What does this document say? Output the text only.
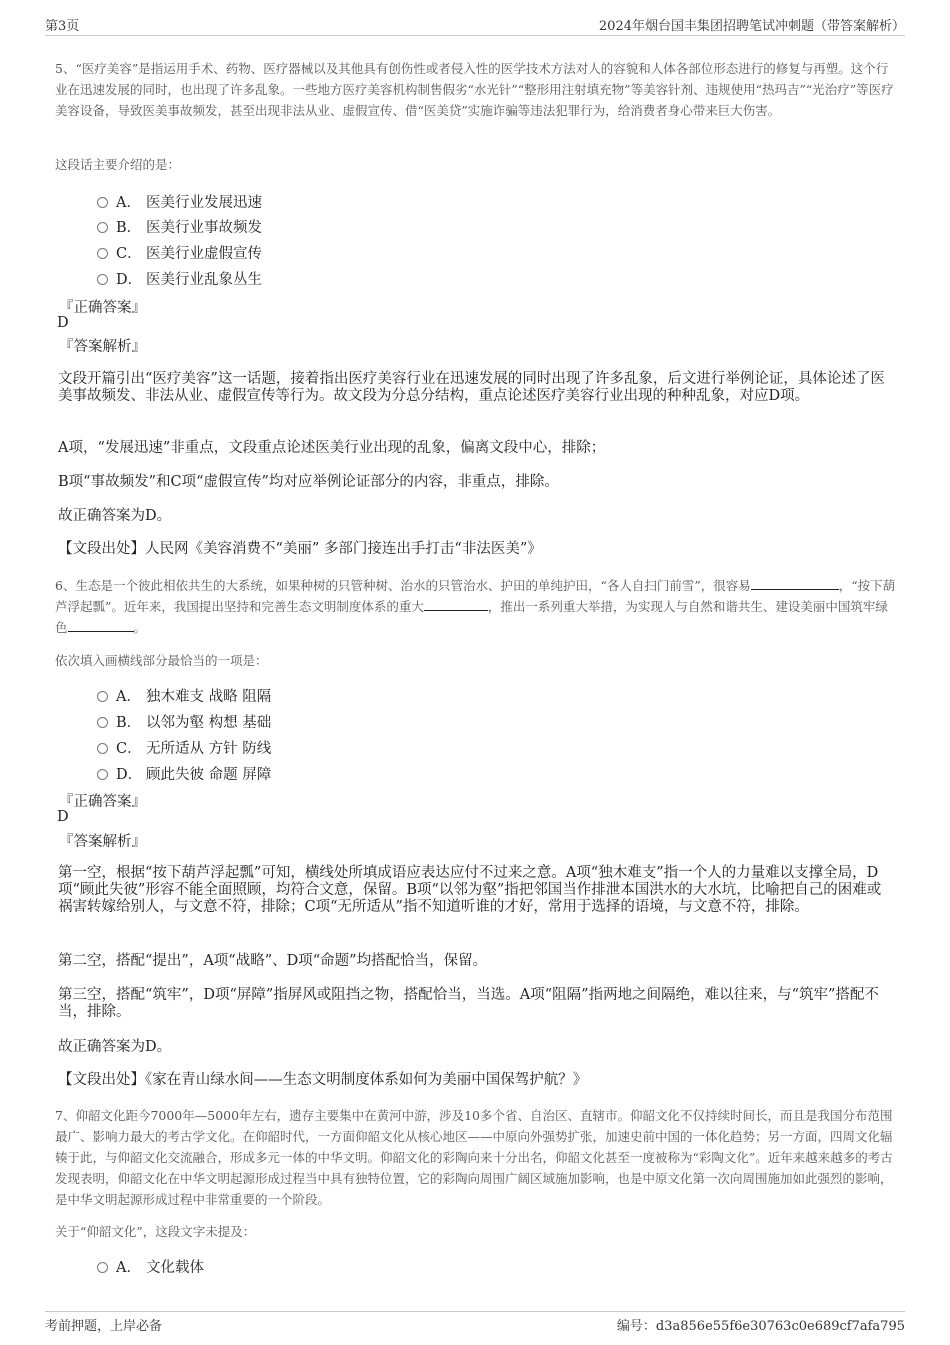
第3页	2024年烟台国丰集团招聘笔试冲刺题（带答案解析）

5、“医疗美容”是指运用手术、药物、医疗器械以及其他具有创伤性或者侵入性的医学技术方法对人的容貌和人体各部位形态进行的修复与再塑。这个行业在迅速发展的同时，也出现了许多乱象。一些地方医疗美容机构制售假劣“水光针”“整形用注射填充物”等美容针剂、违规使用“热玛吉”“光治疗”等医疗美容设备，导致医美事故频发，甚至出现非法从业、虚假宣传、借“医美贷”实施诈骗等违法犯罪行为，给消费者身心带来巨大伤害。

这段话主要介绍的是：

A． 医美行业发展迅速
B． 医美行业事故频发
C． 医美行业虚假宣传
D． 医美行业乱象丛生
『正确答案』
D
『答案解析』

文段开篇引出“医疗美容”这一话题，接着指出医疗美容行业在迅速发展的同时出现了许多乱象，后文进行举例论证，具体论述了医美事故频发、非法从业、虚假宣传等行为。故文段为分总分结构，重点论述医疗美容行业出现的种种乱象，对应D项。

A项，“发展迅速”非重点，文段重点论述医美行业出现的乱象，偏离文段中心，排除；

B项“事故频发”和C项“虚假宣传”均对应举例论证部分的内容，非重点，排除。

故正确答案为D。

【文段出处】人民网《美容消费不“美丽” 多部门接连出手打击“非法医美”》

6、生态是一个彼此相依共生的大系统，如果种树的只管种树、治水的只管治水、护田的单纯护田，“各人自扫门前雪”，很容易	，“按下葫芦浮起瓢”。近年来，我国提出坚持和完善生态文明制度体系的重大	，推出一系列重大举措，为实现人与自然和谐共生、建设美丽中国筑牢绿色	。

依次填入画横线部分最恰当的一项是：

A． 独木难支 战略 阻隔
B． 以邻为壑 构想 基础
C． 无所适从 方针 防线
D． 顾此失彼 命题 屏障
『正确答案』
D
『答案解析』

第一空，根据“按下葫芦浮起瓢”可知，横线处所填成语应表达应付不过来之意。A项“独木难支”指一个人的力量难以支撑全局，D项“顾此失彼”形容不能全面照顾，均符合文意，保留。B项“以邻为壑”指把邻国当作排泄本国洪水的大水坑，比喻把自己的困难或祸害转嫁给别人，与文意不符，排除；C项“无所适从”指不知道听谁的才好，常用于选择的语境，与文意不符，排除。

第二空，搭配“提出”，A项“战略”、D项“命题”均搭配恰当，保留。

第三空，搭配“筑牢”，D项“屏障”指屏风或阻挡之物，搭配恰当，当选。A项“阻隔”指两地之间隔绝，难以往来，与“筑牢”搭配不当，排除。

故正确答案为D。

【文段出处】《家在青山绿水间——生态文明制度体系如何为美丽中国保驾护航？》

7、仰韶文化距今7000年—5000年左右，遗存主要集中在黄河中游，涉及10多个省、自治区、直辖市。仰韶文化不仅持续时间长，而且是我国分布范围最广、影响力最大的考古学文化。在仰韶时代，一方面仰韶文化从核心地区——中原向外强势扩张，加速史前中国的一体化趋势；另一方面，四周文化辐辏于此，与仰韶文化交流融合，形成多元一体的中华文明。仰韶文化的彩陶向来十分出名，仰韶文化甚至一度被称为“彩陶文化”。近年来越来越多的考古发现表明，仰韶文化在中华文明起源形成过程当中具有独特位置，它的彩陶向周围广阔区域施加影响，也是中原文化第一次向周围施加如此强烈的影响，是中华文明起源形成过程中非常重要的一个阶段。

关于“仰韶文化”，这段文字未提及：

A． 文化载体
考前押题，上岸必备	编号：d3a856e55f6e30763c0e689cf7afa795
